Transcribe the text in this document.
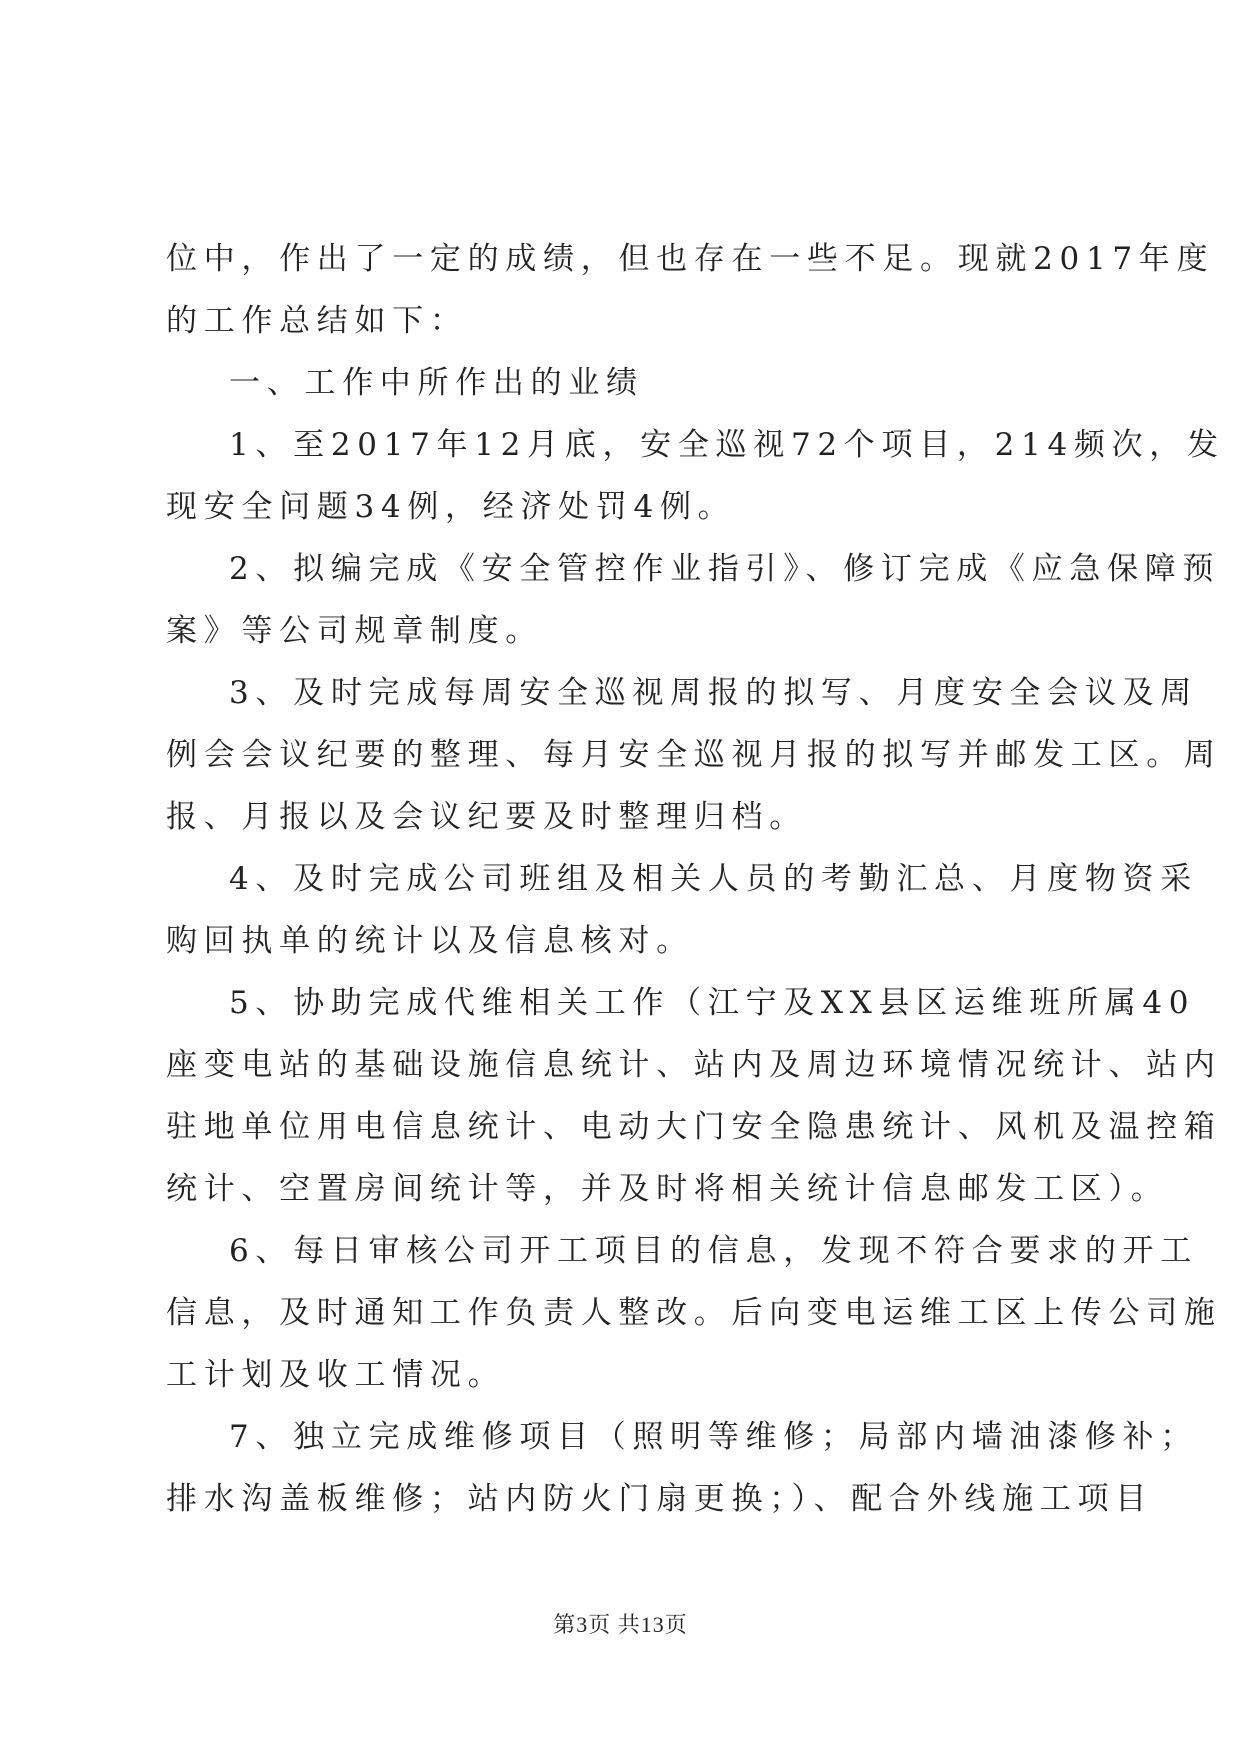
位中，作出了一定的成绩，但也存在一些不足。现就2017年度
的工作总结如下：
一、工作中所作出的业绩
1、至2017年12月底，安全巡视72个项目，214频次，发
现安全问题34例，经济处罚4例。
2、拟编完成《安全管控作业指引》、修订完成《应急保障预
案》等公司规章制度。
3、及时完成每周安全巡视周报的拟写、月度安全会议及周
例会会议纪要的整理、每月安全巡视月报的拟写并邮发工区。周
报、月报以及会议纪要及时整理归档。
4、及时完成公司班组及相关人员的考勤汇总、月度物资采
购回执单的统计以及信息核对。
5、协助完成代维相关工作（江宁及XX县区运维班所属40
座变电站的基础设施信息统计、站内及周边环境情况统计、站内
驻地单位用电信息统计、电动大门安全隐患统计、风机及温控箱
统计、空置房间统计等，并及时将相关统计信息邮发工区）。
6、每日审核公司开工项目的信息，发现不符合要求的开工
信息，及时通知工作负责人整改。后向变电运维工区上传公司施
工计划及收工情况。
7、独立完成维修项目（照明等维修；局部内墙油漆修补；
排水沟盖板维修；站内防火门扇更换；）、配合外线施工项目
第3页 共13页
